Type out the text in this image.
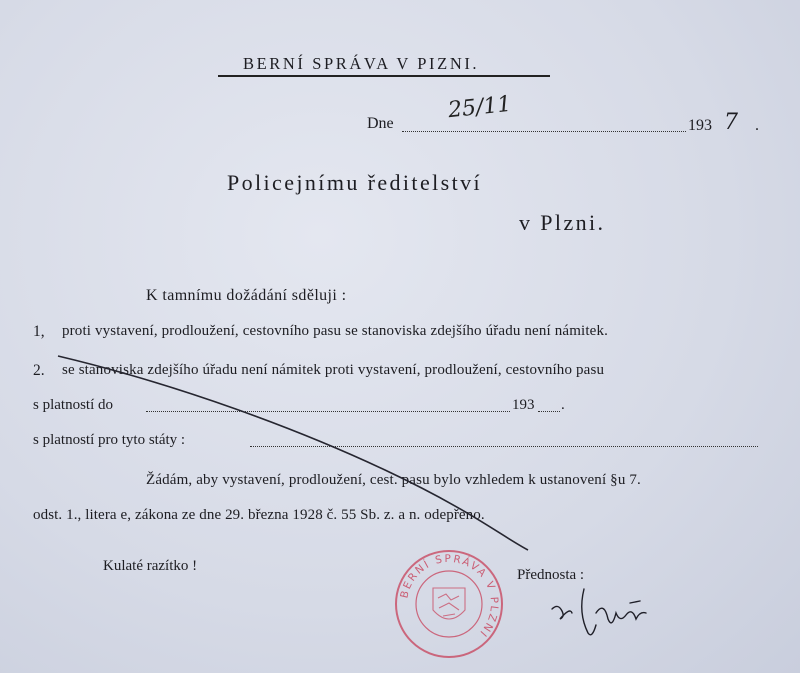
BERNÍ SPRÁVA V PIZNI.
Dne
25/11
193 7 .
Policejnímu ředitelství
v Plzni.
K tamnímu dožádání sděluji :
1, proti vystavení, prodloužení, cestovního pasu se stanoviska zdejšího úřadu není námitek.
2. se stanoviska zdejšího úřadu není námitek proti vystavení, prodloužení, cestovního pasu
s platností do	193 .
s platností pro tyto státy :
Žádám, aby vystavení, prodloužení, cest. pasu bylo vzhledem k ustanovení §u 7.
odst. 1., litera e, zákona ze dne 29. března 1928 č. 55 Sb. z. a n. odepřeno.
Kulaté razítko !
Přednosta :
BERNÍ SPRÁVA V PLZNI
